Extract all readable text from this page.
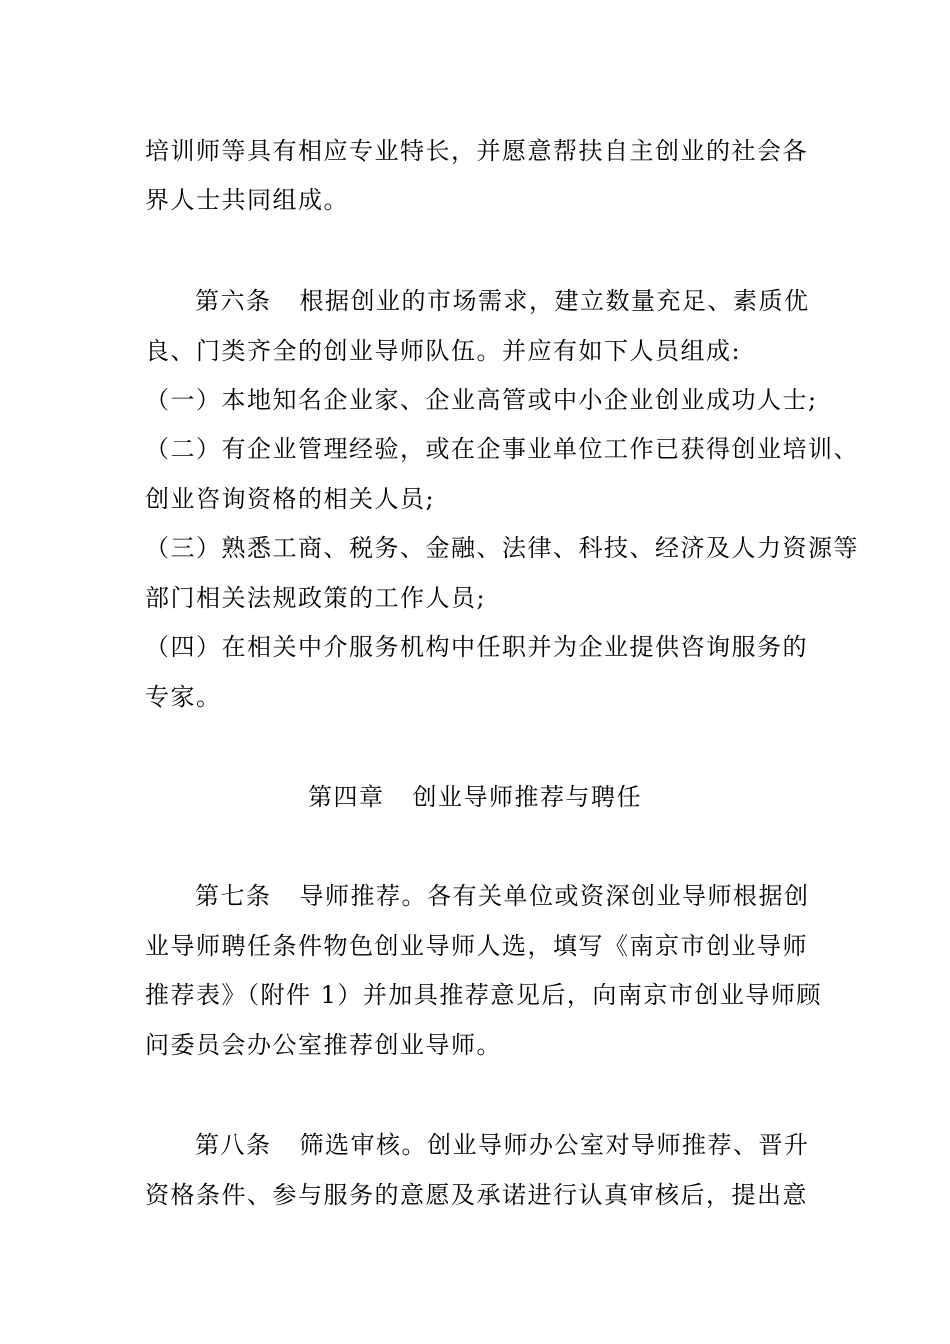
培训师等具有相应专业特长，并愿意帮扶自主创业的社会各
界人士共同组成。
第六条 根据创业的市场需求，建立数量充足、素质优
良、门类齐全的创业导师队伍。并应有如下人员组成:
（一）本地知名企业家、企业高管或中小企业创业成功人士;
（二）有企业管理经验，或在企事业单位工作已获得创业培训、
创业咨询资格的相关人员;
（三）熟悉工商、税务、金融、法律、科技、经济及人力资源等
部门相关法规政策的工作人员;
（四）在相关中介服务机构中任职并为企业提供咨询服务的
专家。
第四章 创业导师推荐与聘任
第七条 导师推荐。各有关单位或资深创业导师根据创
业导师聘任条件物色创业导师人选，填写《南京市创业导师
推荐表》（附件 1）并加具推荐意见后，向南京市创业导师顾
问委员会办公室推荐创业导师。
第八条 筛选审核。创业导师办公室对导师推荐、晋升
资格条件、参与服务的意愿及承诺进行认真审核后，提出意
